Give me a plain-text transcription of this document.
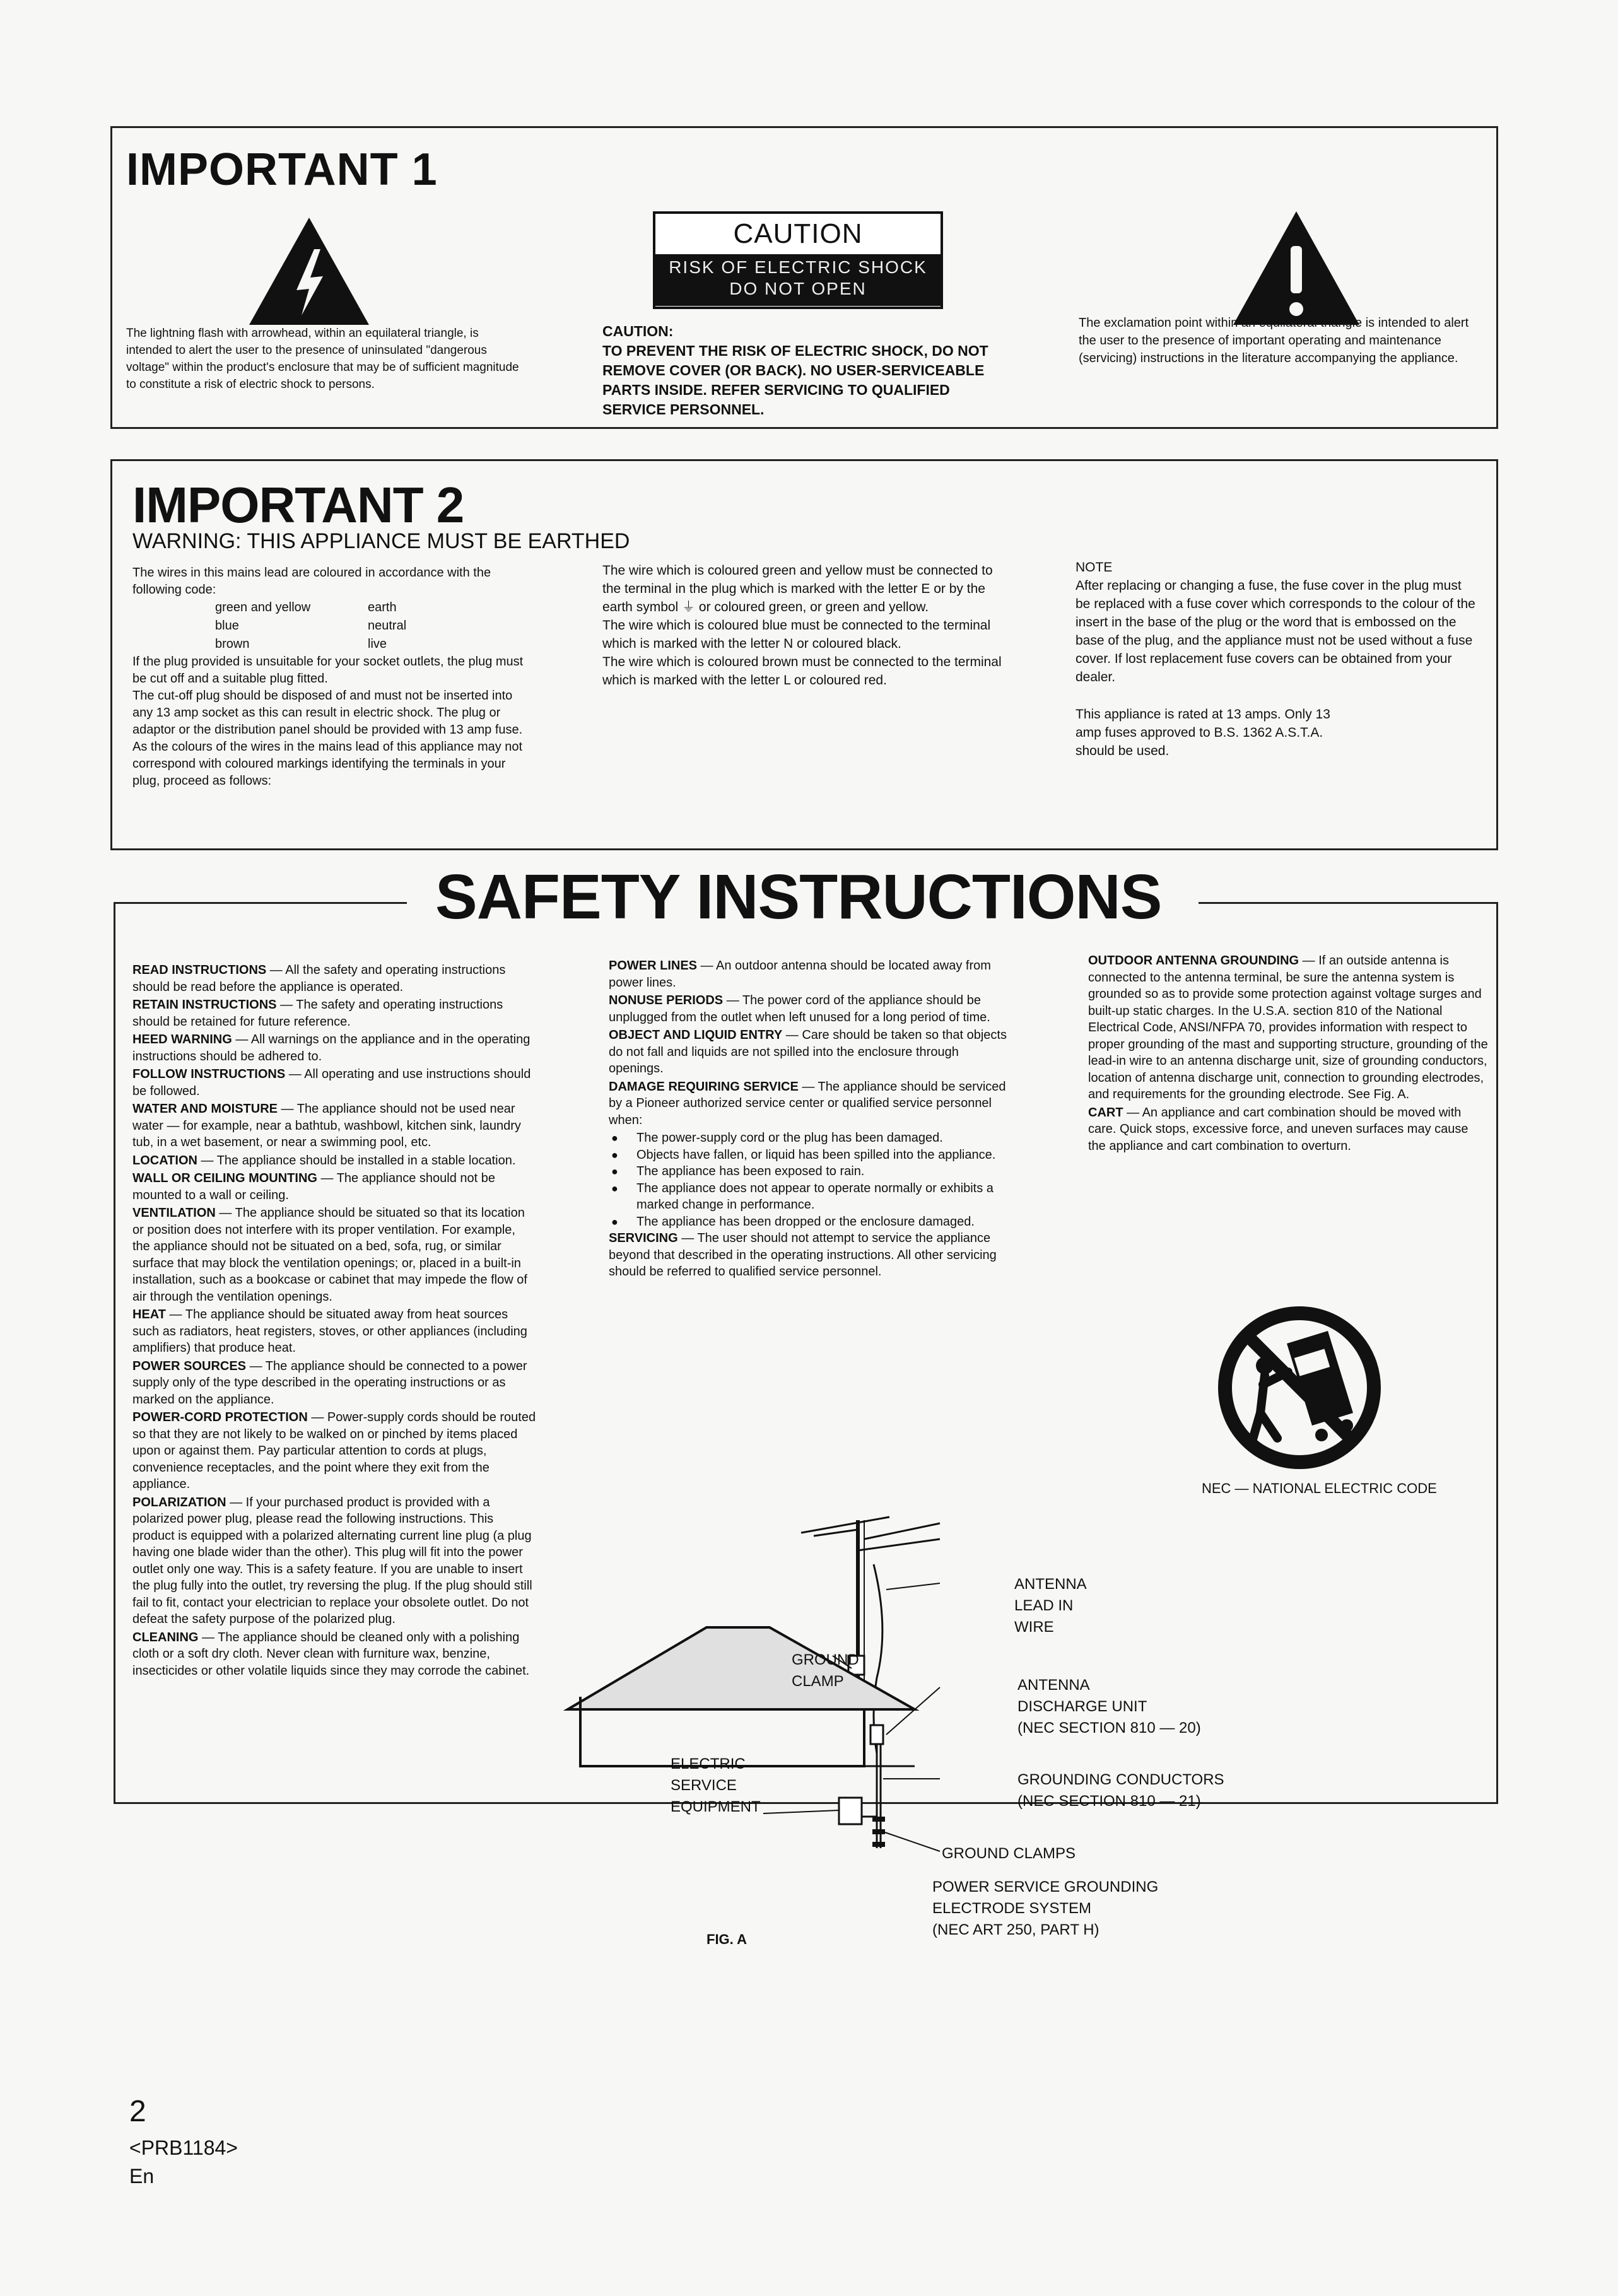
IMPORTANT 1
The lightning flash with arrowhead, within an equilateral triangle, is intended to alert the user to the presence of uninsulated "dangerous voltage" within the product's enclosure that may be of sufficient magnitude to constitute a risk of electric shock to persons.
CAUTION
RISK OF ELECTRIC SHOCK
DO NOT OPEN

CAUTION:

TO PREVENT THE RISK OF ELECTRIC SHOCK, DO NOT REMOVE COVER (OR BACK). NO USER-SERVICEABLE PARTS INSIDE. REFER SERVICING TO QUALIFIED SERVICE PERSONNEL.

The exclamation point within an equilateral triangle is intended to alert the user to the presence of important operating and maintenance (servicing) instructions in the literature accompanying the appliance.
IMPORTANT 2
WARNING: THIS APPLIANCE MUST BE EARTHED

The wires in this mains lead are coloured in accordance with the following code:

green and yellow	earth
blue	neutral
brown	live

If the plug provided is unsuitable for your socket outlets, the plug must be cut off and a suitable plug fitted.

The cut-off plug should be disposed of and must not be inserted into any 13 amp socket as this can result in electric shock. The plug or adaptor or the distribution panel should be provided with 13 amp fuse. As the colours of the wires in the mains lead of this appliance may not correspond with coloured markings identifying the terminals in your plug, proceed as follows:

The wire which is coloured green and yellow must be connected to the terminal in the plug which is marked with the letter E or by the earth symbol ⏚ or coloured green, or green and yellow.

The wire which is coloured blue must be connected to the terminal which is marked with the letter N or coloured black.

The wire which is coloured brown must be connected to the terminal which is marked with the letter L or coloured red.

NOTE

After replacing or changing a fuse, the fuse cover in the plug must be replaced with a fuse cover which corresponds to the colour of the insert in the base of the plug or the word that is embossed on the base of the plug, and the appliance must not be used without a fuse cover. If lost replacement fuse covers can be obtained from your dealer.

This appliance is rated at 13 amps. Only 13 amp fuses approved to B.S. 1362 A.S.T.A. should be used.

SAFETY INSTRUCTIONS
READ INSTRUCTIONS — All the safety and operating instructions should be read before the appliance is operated.
RETAIN INSTRUCTIONS — The safety and operating instructions should be retained for future reference.
HEED WARNING — All warnings on the appliance and in the operating instructions should be adhered to.
FOLLOW INSTRUCTIONS — All operating and use instructions should be followed.
WATER AND MOISTURE — The appliance should not be used near water — for example, near a bathtub, washbowl, kitchen sink, laundry tub, in a wet basement, or near a swimming pool, etc.
LOCATION — The appliance should be installed in a stable location.
WALL OR CEILING MOUNTING — The appliance should not be mounted to a wall or ceiling.
VENTILATION — The appliance should be situated so that its location or position does not interfere with its proper ventilation. For example, the appliance should not be situated on a bed, sofa, rug, or similar surface that may block the ventilation openings; or, placed in a built-in installation, such as a bookcase or cabinet that may impede the flow of air through the ventilation openings.
HEAT — The appliance should be situated away from heat sources such as radiators, heat registers, stoves, or other appliances (including amplifiers) that produce heat.
POWER SOURCES — The appliance should be connected to a power supply only of the type described in the operating instructions or as marked on the appliance.
POWER-CORD PROTECTION — Power-supply cords should be routed so that they are not likely to be walked on or pinched by items placed upon or against them. Pay particular attention to cords at plugs, convenience receptacles, and the point where they exit from the appliance.
POLARIZATION — If your purchased product is provided with a polarized power plug, please read the following instructions. This product is equipped with a polarized alternating current line plug (a plug having one blade wider than the other). This plug will fit into the power outlet only one way. This is a safety feature. If you are unable to insert the plug fully into the outlet, try reversing the plug. If the plug should still fail to fit, contact your electrician to replace your obsolete outlet. Do not defeat the safety purpose of the polarized plug.
CLEANING — The appliance should be cleaned only with a polishing cloth or a soft dry cloth. Never clean with furniture wax, benzine, insecticides or other volatile liquids since they may corrode the cabinet.
POWER LINES — An outdoor antenna should be located away from power lines.
NONUSE PERIODS — The power cord of the appliance should be unplugged from the outlet when left unused for a long period of time.
OBJECT AND LIQUID ENTRY — Care should be taken so that objects do not fall and liquids are not spilled into the enclosure through openings.
DAMAGE REQUIRING SERVICE — The appliance should be serviced by a Pioneer authorized service center or qualified service personnel when:
● The power-supply cord or the plug has been damaged.
● Objects have fallen, or liquid has been spilled into the appliance.
● The appliance has been exposed to rain.
● The appliance does not appear to operate normally or exhibits a marked change in performance.
● The appliance has been dropped or the enclosure damaged.
SERVICING — The user should not attempt to service the appliance beyond that described in the operating instructions. All other servicing should be referred to qualified service personnel.
OUTDOOR ANTENNA GROUNDING — If an outside antenna is connected to the antenna terminal, be sure the antenna system is grounded so as to provide some protection against voltage surges and built-up static charges. In the U.S.A. section 810 of the National Electrical Code, ANSI/NFPA 70, provides information with respect to proper grounding of the mast and supporting structure, grounding of the lead-in wire to an antenna discharge unit, size of grounding conductors, location of antenna discharge unit, connection to grounding electrodes, and requirements for the grounding electrode. See Fig. A.
CART — An appliance and cart combination should be moved with care. Quick stops, excessive force, and uneven surfaces may cause the appliance and cart combination to overturn.
NEC — NATIONAL ELECTRIC CODE
ANTENNA
LEAD IN
WIRE
GROUND
CLAMP	ANTENNA
DISCHARGE UNIT
(NEC SECTION 810 — 20)
ELECTRIC
SERVICE
EQUIPMENT
GROUNDING CONDUCTORS
(NEC SECTION 810 — 21)
GROUND CLAMPS
POWER SERVICE GROUNDING
ELECTRODE SYSTEM
(NEC ART 250, PART H)
FIG. A
2
<PRB1184>
En
